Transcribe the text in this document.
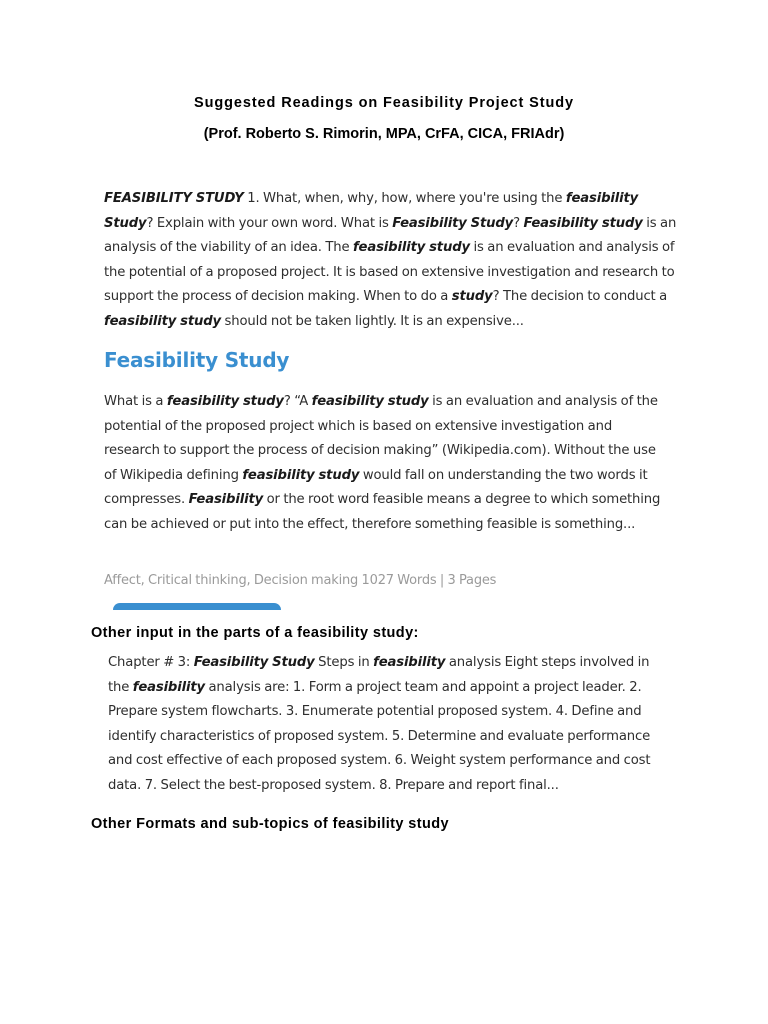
Suggested Readings on Feasibility Project Study

(Prof. Roberto S. Rimorin, MPA, CrFA, CICA, FRIAdr)

FEASIBILITY STUDY 1. What, when, why, how, where you're using the feasibility Study? Explain with your own word. What is Feasibility Study? Feasibility study is an analysis of the viability of an idea. The feasibility study is an evaluation and analysis of the potential of a proposed project. It is based on extensive investigation and research to support the process of decision making. When to do a study? The decision to conduct a feasibility study should not be taken lightly. It is an expensive...

Feasibility Study

What is a feasibility study? “A feasibility study is an evaluation and analysis of the potential of the proposed project which is based on extensive investigation and research to support the process of decision making” (Wikipedia.com). Without the use of Wikipedia defining feasibility study would fall on understanding the two words it compresses. Feasibility or the root word feasible means a degree to which something can be achieved or put into the effect, therefore something feasible is something...

Affect, Critical thinking, Decision making 1027 Words | 3 Pages
Other input in the parts of a feasibility study:

Chapter # 3: Feasibility Study Steps in feasibility analysis Eight steps involved in the feasibility analysis are: 1. Form a project team and appoint a project leader. 2. Prepare system flowcharts. 3. Enumerate potential proposed system. 4. Define and identify characteristics of proposed system. 5. Determine and evaluate performance and cost effective of each proposed system. 6. Weight system performance and cost data. 7. Select the best-proposed system. 8. Prepare and report final...

Other Formats and sub-topics of feasibility study
